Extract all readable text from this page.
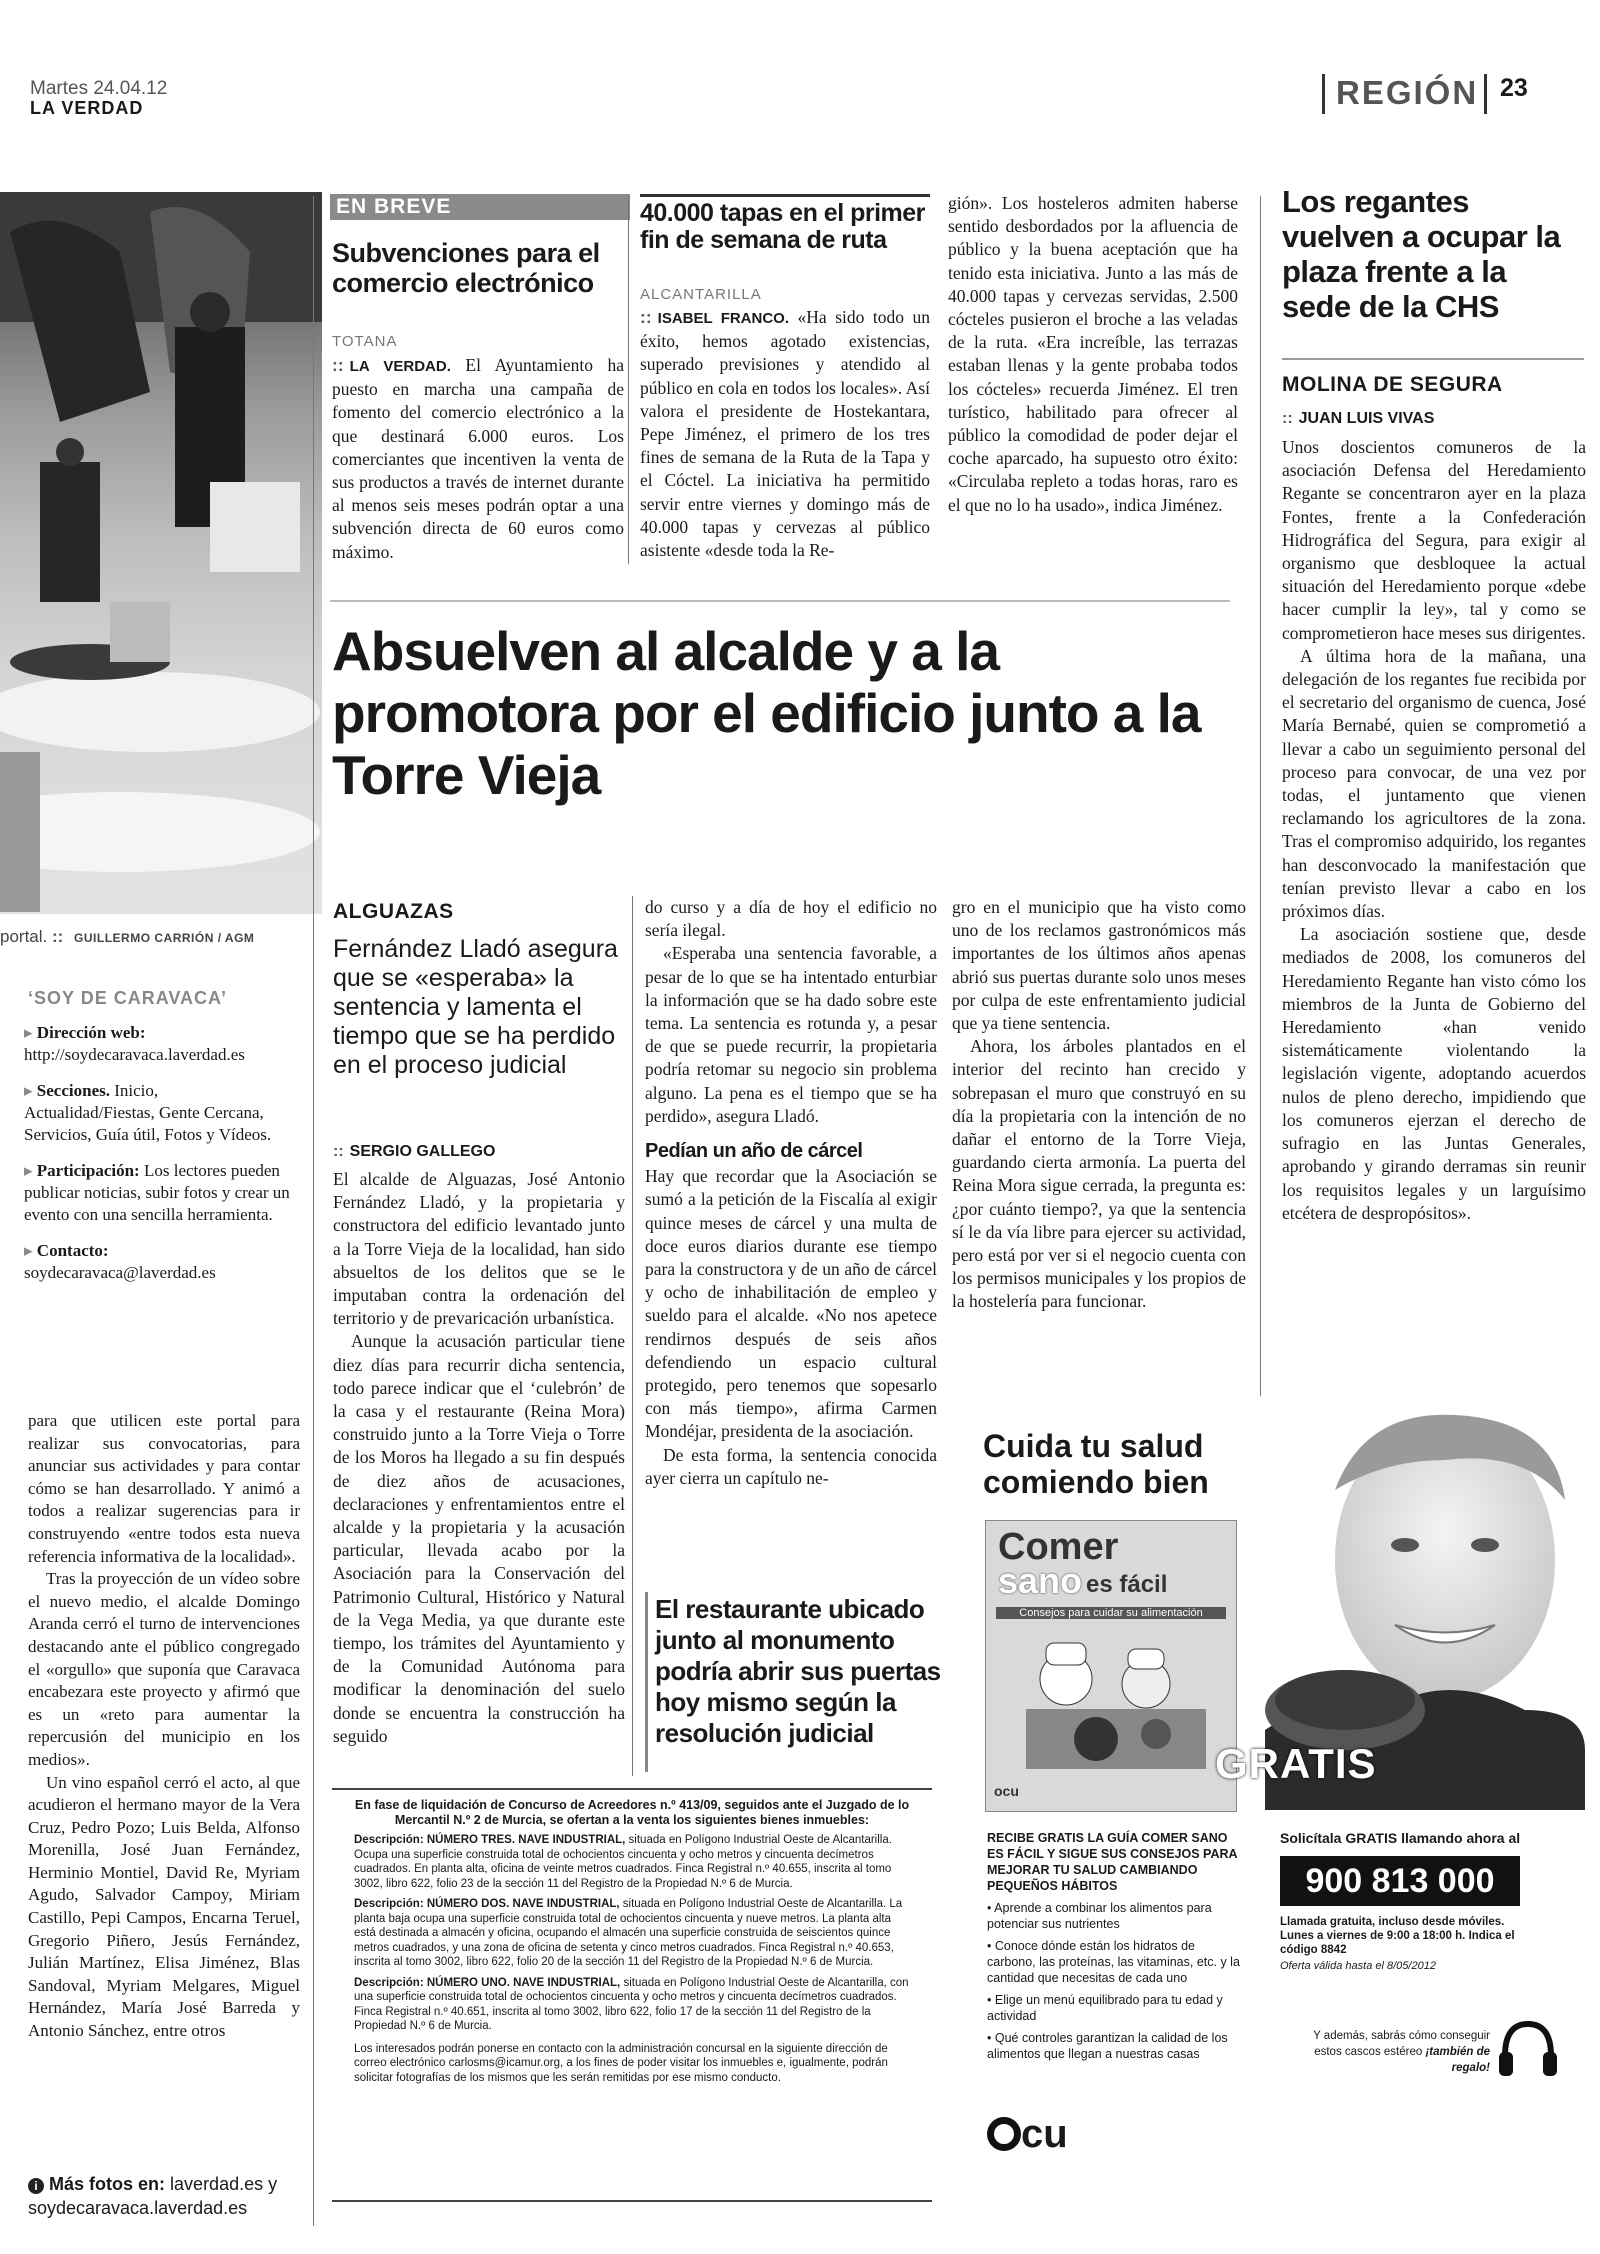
Martes 24.04.12
LA VERDAD	REGIÓN 23
portal. :: GUILLERMO CARRIÓN / AGM
‘SOY DE CARAVACA’
▸ Dirección web: http://soydecaravaca.laverdad.es
▸ Secciones. Inicio, Actualidad/Fiestas, Gente Cercana, Servicios, Guía útil, Fotos y Vídeos.
▸ Participación: Los lectores pueden publicar noticias, subir fotos y crear un evento con una sencilla herramienta.
▸ Contacto: soydecaravaca@laverdad.es

para que utilicen este portal para realizar sus convocatorias, para anunciar sus actividades y para contar cómo se han desarrollado. Y animó a todos a realizar sugerencias para ir construyendo «entre todos esta nueva referencia informativa de la localidad».

Tras la proyección de un vídeo sobre el nuevo medio, el alcalde Domingo Aranda cerró el turno de intervenciones destacando ante el público congregado el «orgullo» que suponía que Caravaca encabezara este proyecto y afirmó que es un «reto para aumentar la repercusión del municipio en los medios».

Un vino español cerró el acto, al que acudieron el hermano mayor de la Vera Cruz, Pedro Pozo; Luis Belda, Alfonso Morenilla, José Juan Fernández, Herminio Montiel, David Re, Myriam Agudo, Salvador Campoy, Miriam Castillo, Pepi Campos, Encarna Teruel, Gregorio Piñero, Jesús Fernández, Julián Martínez, Elisa Jiménez, Blas Sandoval, Myriam Melgares, Miguel Hernández, María José Barreda y Antonio Sánchez, entre otros

i Más fotos en: laverdad.es y soydecaravaca.laverdad.es
EN BREVE
Subvenciones para el comercio electrónico
TOTANA

:: LA VERDAD. El Ayuntamiento ha puesto en marcha una campaña de fomento del comercio electrónico a la que destinará 6.000 euros. Los comerciantes que incentiven la venta de sus productos a través de internet durante al menos seis meses podrán optar a una subvención directa de 60 euros como máximo.

40.000 tapas en el primer fin de semana de ruta
ALCANTARILLA

:: ISABEL FRANCO. «Ha sido todo un éxito, hemos agotado existencias, superado previsiones y atendido al público en cola en todos los locales». Así valora el presidente de Hostekantara, Pepe Jiménez, el primero de los tres fines de semana de la Ruta de la Tapa y el Cóctel. La iniciativa ha permitido servir entre viernes y domingo más de 40.000 tapas y cervezas al público asistente «desde toda la Re-

gión». Los hosteleros admiten haberse sentido desbordados por la afluencia de público y la buena aceptación que ha tenido esta iniciativa. Junto a las más de 40.000 tapas y cervezas servidas, 2.500 cócteles pusieron el broche a las veladas de la ruta. «Era increíble, las terrazas estaban llenas y la gente probaba todos los cócteles» recuerda Jiménez. El tren turístico, habilitado para ofrecer al público la comodidad de poder dejar el coche aparcado, ha supuesto otro éxito: «Circulaba repleto a todas horas, raro es el que no lo ha usado», indica Jiménez.

Los regantes vuelven a ocupar la plaza frente a la sede de la CHS
MOLINA DE SEGURA
:: JUAN LUIS VIVAS

Unos doscientos comuneros de la asociación Defensa del Heredamiento Regante se concentraron ayer en la plaza Fontes, frente a la Confederación Hidrográfica del Segura, para exigir al organismo que desbloquee la actual situación del Heredamiento porque «debe hacer cumplir la ley», tal y como se comprometieron hace meses sus dirigentes.

A última hora de la mañana, una delegación de los regantes fue recibida por el secretario del organismo de cuenca, José María Bernabé, quien se comprometió a llevar a cabo un seguimiento personal del proceso para convocar, de una vez por todas, el juntamento que vienen reclamando los agricultores de la zona. Tras el compromiso adquirido, los regantes han desconvocado la manifestación que tenían previsto llevar a cabo en los próximos días.

La asociación sostiene que, desde mediados de 2008, los comuneros del Heredamiento Regante han visto cómo los miembros de la Junta de Gobierno del Heredamiento «han venido sistemáticamente violentando la legislación vigente, adoptando acuerdos nulos de pleno derecho, impidiendo que los comuneros ejerzan el derecho de sufragio en las Juntas Generales, aprobando y girando derramas sin reunir los requisitos legales y un larguísimo etcétera de despropósitos».

Absuelven al alcalde y a la promotora por el edificio junto a la Torre Vieja
ALGUAZAS
Fernández Lladó asegura que se «esperaba» la sentencia y lamenta el tiempo que se ha perdido en el proceso judicial
:: SERGIO GALLEGO

El alcalde de Alguazas, José Antonio Fernández Lladó, y la propietaria y constructora del edificio levantado junto a la Torre Vieja de la localidad, han sido absueltos de los delitos que se le imputaban contra la ordenación del territorio y de prevaricación urbanística.

Aunque la acusación particular tiene diez días para recurrir dicha sentencia, todo parece indicar que el ‘culebrón’ de la casa y el restaurante (Reina Mora) construido junto a la Torre Vieja o Torre de los Moros ha llegado a su fin después de diez años de acusaciones, declaraciones y enfrentamientos entre el alcalde y la propietaria y la acusación particular, llevada acabo por la Asociación para la Conservación del Patrimonio Cultural, Histórico y Natural de la Vega Media, ya que durante este tiempo, los trámites del Ayuntamiento y de la Comunidad Autónoma para modificar la denominación del suelo donde se encuentra la construcción ha seguido

do curso y a día de hoy el edificio no sería ilegal.

«Esperaba una sentencia favorable, a pesar de lo que se ha intentado enturbiar la información que se ha dado sobre este tema. La sentencia es rotunda y, a pesar de que se puede recurrir, la propietaria podría retomar su negocio sin problema alguno. La pena es el tiempo que se ha perdido», asegura Lladó.

Pedían un año de cárcel

Hay que recordar que la Asociación se sumó a la petición de la Fiscalía al exigir quince meses de cárcel y una multa de doce euros diarios durante ese tiempo para la constructora y de un año de cárcel y ocho de inhabilitación de empleo y sueldo para el alcalde. «No nos apetece rendirnos después de seis años defendiendo un espacio cultural protegido, pero tenemos que sopesarlo con más tiempo», afirma Carmen Mondéjar, presidenta de la asociación.

De esta forma, la sentencia conocida ayer cierra un capítulo ne-

gro en el municipio que ha visto como uno de los reclamos gastronómicos más importantes de los últimos años apenas abrió sus puertas durante solo unos meses por culpa de este enfrentamiento judicial que ya tiene sentencia.

Ahora, los árboles plantados en el interior del recinto han crecido y sobrepasan el muro que construyó en su día la propietaria con la intención de no dañar el entorno de la Torre Vieja, guardando cierta armonía. La puerta del Reina Mora sigue cerrada, la pregunta es: ¿por cuánto tiempo?, ya que la sentencia sí le da vía libre para ejercer su actividad, pero está por ver si el negocio cuenta con los permisos municipales y los propios de la hostelería para funcionar.

El restaurante ubicado junto al monumento podría abrir sus puertas hoy mismo según la resolución judicial
En fase de liquidación de Concurso de Acreedores n.º 413/09, seguidos ante el Juzgado de lo Mercantil N.º 2 de Murcia, se ofertan a la venta los siguientes bienes inmuebles:
Descripción: NÚMERO TRES. NAVE INDUSTRIAL, situada en Polígono Industrial Oeste de Alcantarilla. Ocupa una superficie construida total de ochocientos cincuenta y ocho metros y cincuenta decímetros cuadrados. En planta alta, oficina de veinte metros cuadrados. Finca Registral n.º 40.655, inscrita al tomo 3002, libro 622, folio 23 de la sección 11 del Registro de la Propiedad N.º 6 de Murcia.
Descripción: NÚMERO DOS. NAVE INDUSTRIAL, situada en Polígono Industrial Oeste de Alcantarilla. La planta baja ocupa una superficie construida total de ochocientos cincuenta y nueve metros. La planta alta está destinada a almacén y oficina, ocupando el almacén una superficie construida de seiscientos quince metros cuadrados, y una zona de oficina de setenta y cinco metros cuadrados. Finca Registral n.º 40.653, inscrita al tomo 3002, libro 622, folio 20 de la sección 11 del Registro de la Propiedad N.º 6 de Murcia.
Descripción: NÚMERO UNO. NAVE INDUSTRIAL, situada en Polígono Industrial Oeste de Alcantarilla, con una superficie construida total de ochocientos cincuenta y ocho metros y cincuenta decímetros cuadrados. Finca Registral n.º 40.651, inscrita al tomo 3002, libro 622, folio 17 de la sección 11 del Registro de la Propiedad N.º 6 de Murcia.
Los interesados podrán ponerse en contacto con la administración concursal en la siguiente dirección de correo electrónico carlosms@icamur.org, a los fines de poder visitar los inmuebles e, igualmente, podrán solicitar fotografías de los mismos que les serán remitidas por ese mismo conducto.
Cuida tu salud comiendo bien
Comer
sano es fácil
Consejos para cuidar su alimentación
ocu
GRATIS
RECIBE GRATIS LA GUÍA COMER SANO ES FÁCIL Y SIGUE SUS CONSEJOS PARA MEJORAR TU SALUD CAMBIANDO PEQUEÑOS HÁBITOS
• Aprende a combinar los alimentos para potenciar sus nutrientes
• Conoce dónde están los hidratos de carbono, las proteínas, las vitaminas, etc. y la cantidad que necesitas de cada uno
• Elige un menú equilibrado para tu edad y actividad
• Qué controles garantizan la calidad de los alimentos que llegan a nuestras casas
cu
Solicítala GRATIS llamando ahora al
900 813 000
Llamada gratuita, incluso desde móviles. Lunes a viernes de 9:00 a 18:00 h. Indica el código 8842
Oferta válida hasta el 8/05/2012
Y además, sabrás cómo conseguir estos cascos estéreo ¡también de regalo!
